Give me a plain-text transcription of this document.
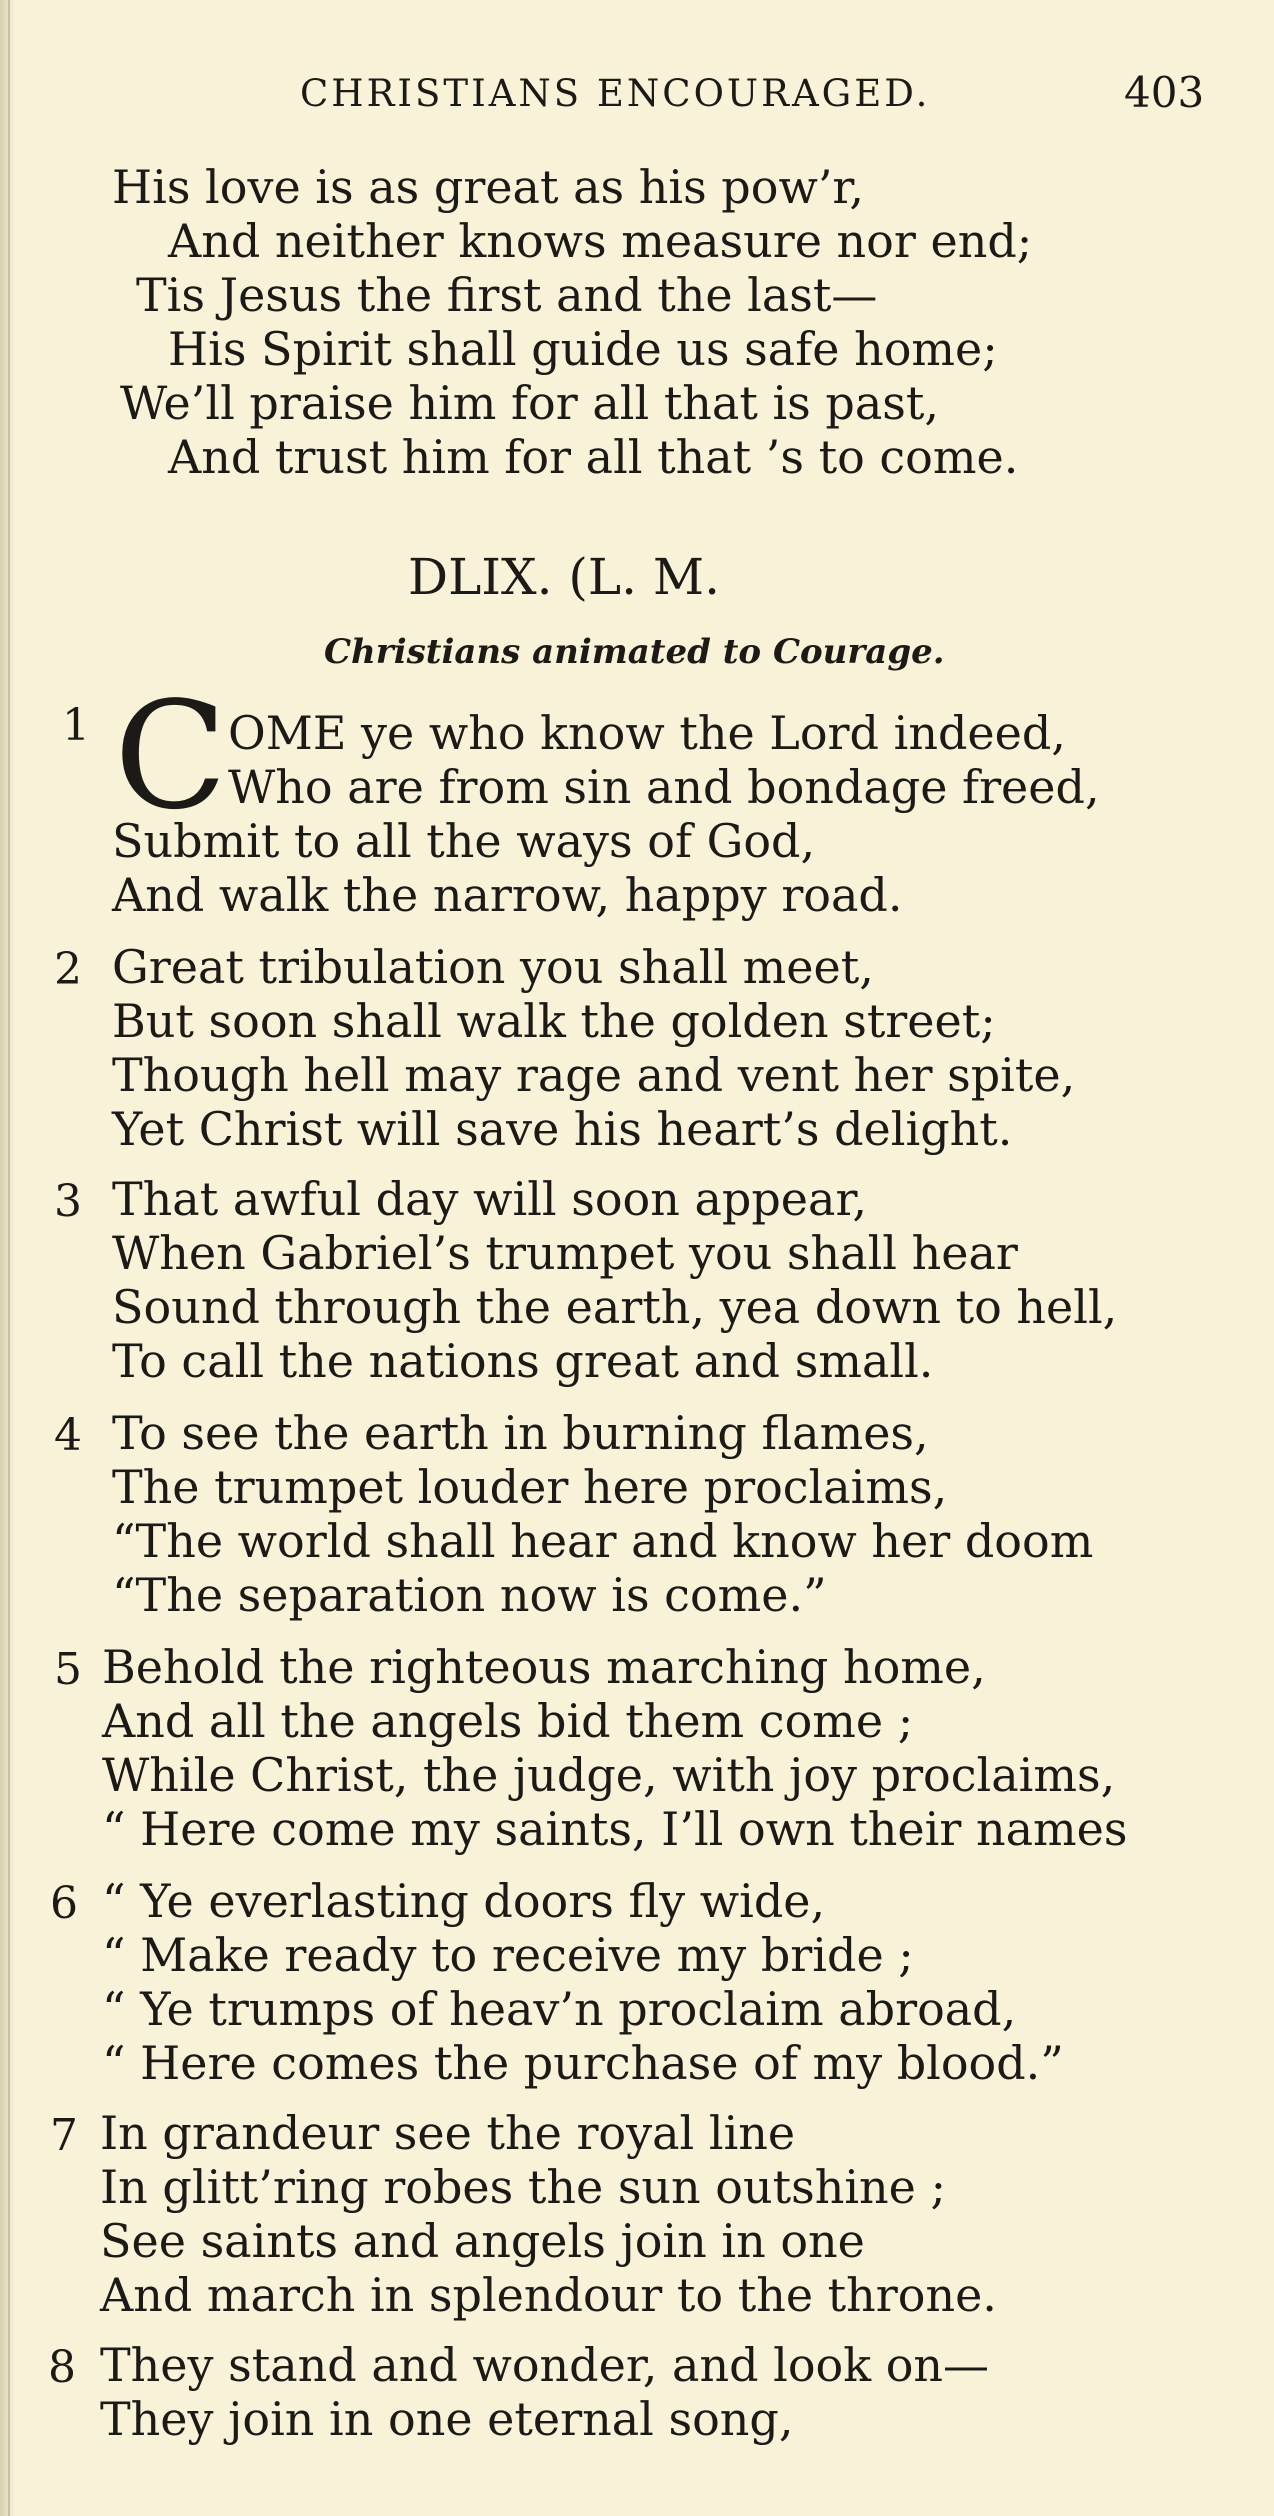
CHRISTIANS ENCOURAGED.	403
His love is as great as his pow’r,
And neither knows measure nor end;
Tis Jesus the first and the last—
His Spirit shall guide us safe home;
We’ll praise him for all that is past,
And trust him for all that ’s to come.
DLIX. (L. M.
Christians animated to Courage.
1 C OME ye who know the Lord indeed,
Who are from sin and bondage freed,
Submit to all the ways of God,
And walk the narrow, happy road.
2 Great tribulation you shall meet,
But soon shall walk the golden street;
Though hell may rage and vent her spite,
Yet Christ will save his heart’s delight.
3 That awful day will soon appear,
When Gabriel’s trumpet you shall hear
Sound through the earth, yea down to hell,
To call the nations great and small.
4 To see the earth in burning flames,
The trumpet louder here proclaims,
“The world shall hear and know her doom
“The separation now is come.”
5 Behold the righteous marching home,
And all the angels bid them come ;
While Christ, the judge, with joy proclaims,
“ Here come my saints, I’ll own their names
6 “ Ye everlasting doors fly wide,
“ Make ready to receive my bride ;
“ Ye trumps of heav’n proclaim abroad,
“ Here comes the purchase of my blood.”
7 In grandeur see the royal line
In glitt’ring robes the sun outshine ;
See saints and angels join in one
And march in splendour to the throne.
8 They stand and wonder, and look on—
They join in one eternal song,
